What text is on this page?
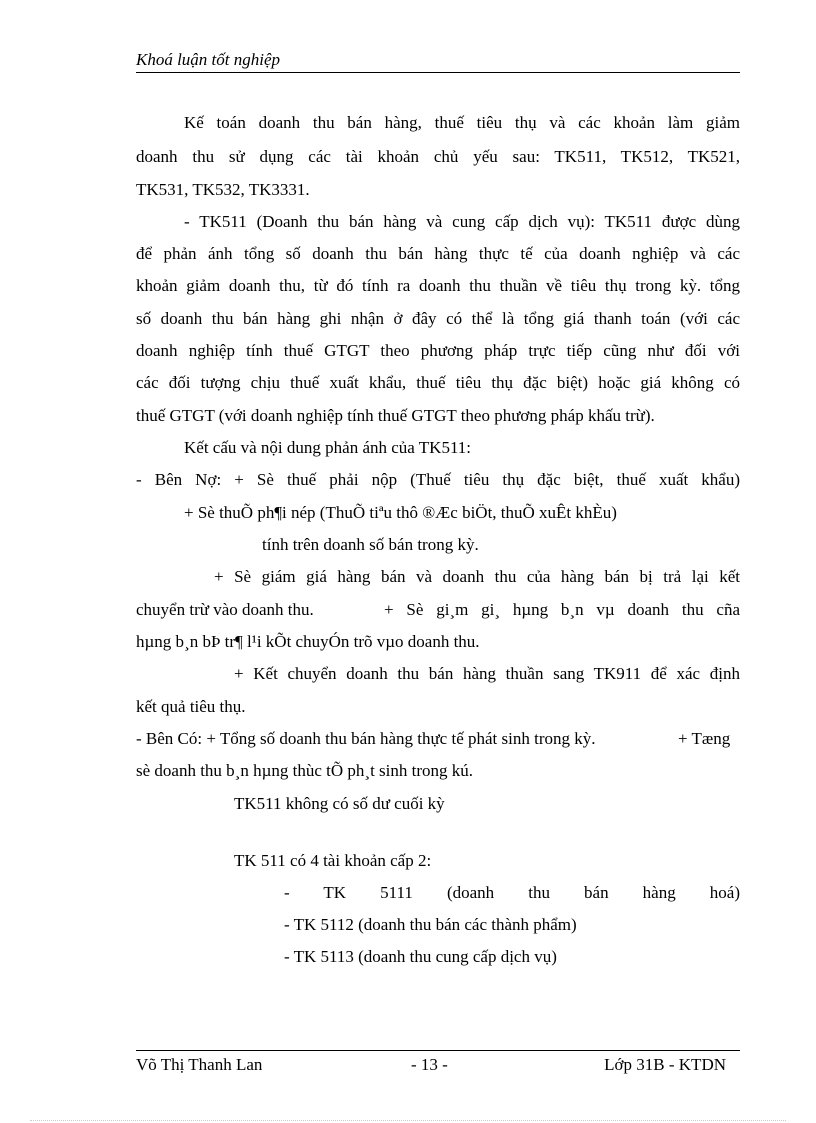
Khoá luận tốt nghiệp
Kế toán doanh thu bán hàng, thuế tiêu thụ và các khoản làm giảm
doanh thu sử dụng các tài khoản chủ yếu sau: TK511, TK512, TK521,
TK531, TK532, TK3331.
- TK511 (Doanh thu bán hàng và cung cấp dịch vụ): TK511 được dùng
để phản ánh tổng số doanh thu bán hàng thực tế của doanh nghiệp và các
khoản giảm doanh thu, từ đó tính ra doanh thu thuần về tiêu thụ trong kỳ. tổng
số doanh thu bán hàng ghi nhận ở đây có thể là tổng giá thanh toán (với các
doanh nghiệp tính thuế GTGT theo phương pháp trực tiếp cũng như đối với
các đối tượng chịu thuế xuất khẩu, thuế tiêu thụ đặc biệt) hoặc giá không có
thuế GTGT (với doanh nghiệp tính thuế GTGT theo phương pháp khấu trừ).
Kết cấu và nội dung phản ánh của TK511:
- Bên Nợ: + Sè thuế phải nộp (Thuế tiêu thụ đặc biệt, thuế xuất khẩu)
+ Sè thuÕ ph¶i nép (ThuÕ tiªu thô ®Æc biÖt, thuÕ xuÊt khÈu)
tính trên doanh số bán trong kỳ.
+ Sè giám giá hàng bán và doanh thu của hàng bán bị trả lại kết
chuyển trừ vào doanh thu.	+ Sè gi¸m gi¸ hµng b¸n vµ doanh thu cña
hµng b¸n bÞ tr¶ l¹i kÕt chuyÓn trõ vµo doanh thu.
+ Kết chuyển doanh thu bán hàng thuần sang TK911 để xác định
kết quả tiêu thụ.
- Bên Có: + Tổng số doanh thu bán hàng thực tế phát sinh trong kỳ.	+ Tæng
sè doanh thu b¸n hµng thùc tÕ ph¸t sinh trong kú.
TK511 không có số dư cuối kỳ
TK 511 có 4 tài khoản cấp 2:
- TK 5111 (doanh thu bán hàng hoá)
- TK 5112 (doanh thu bán các thành phẩm)
- TK 5113 (doanh thu cung cấp dịch vụ)
Võ Thị Thanh Lan	- 13 -	Lớp 31B - KTDN
